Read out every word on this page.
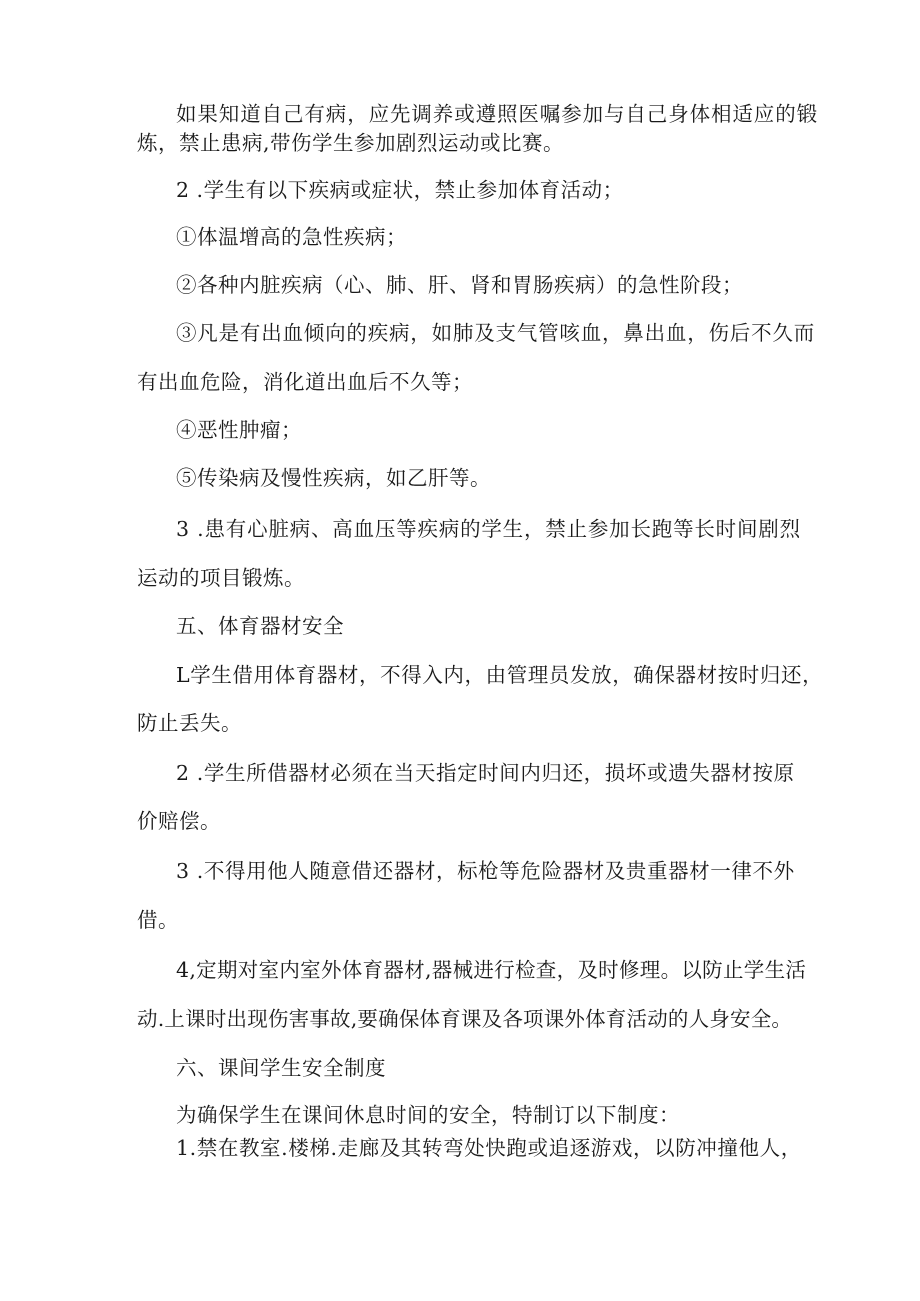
如果知道自己有病，应先调养或遵照医嘱参加与自己身体相适应的锻
炼，禁止患病,带伤学生参加剧烈运动或比赛。
2 .学生有以下疾病或症状，禁止参加体育活动；
①体温增高的急性疾病；
②各种内脏疾病（心、肺、肝、肾和胃肠疾病）的急性阶段；
③凡是有出血倾向的疾病，如肺及支气管咳血，鼻出血，伤后不久而
有出血危险，消化道出血后不久等；
④恶性肿瘤；
⑤传染病及慢性疾病，如乙肝等。
3 .患有心脏病、高血压等疾病的学生，禁止参加长跑等长时间剧烈
运动的项目锻炼。
五、体育器材安全
L学生借用体育器材，不得入内，由管理员发放，确保器材按时归还，
防止丢失。
2 .学生所借器材必须在当天指定时间内归还，损坏或遗失器材按原
价赔偿。
3 .不得用他人随意借还器材，标枪等危险器材及贵重器材一律不外
借。
4,定期对室内室外体育器材,器械进行检查，及时修理。以防止学生活
动.上课时出现伤害事故,要确保体育课及各项课外体育活动的人身安全。
六、课间学生安全制度
为确保学生在课间休息时间的安全，特制订以下制度：
1.禁在教室.楼梯.走廊及其转弯处快跑或追逐游戏，以防冲撞他人，
